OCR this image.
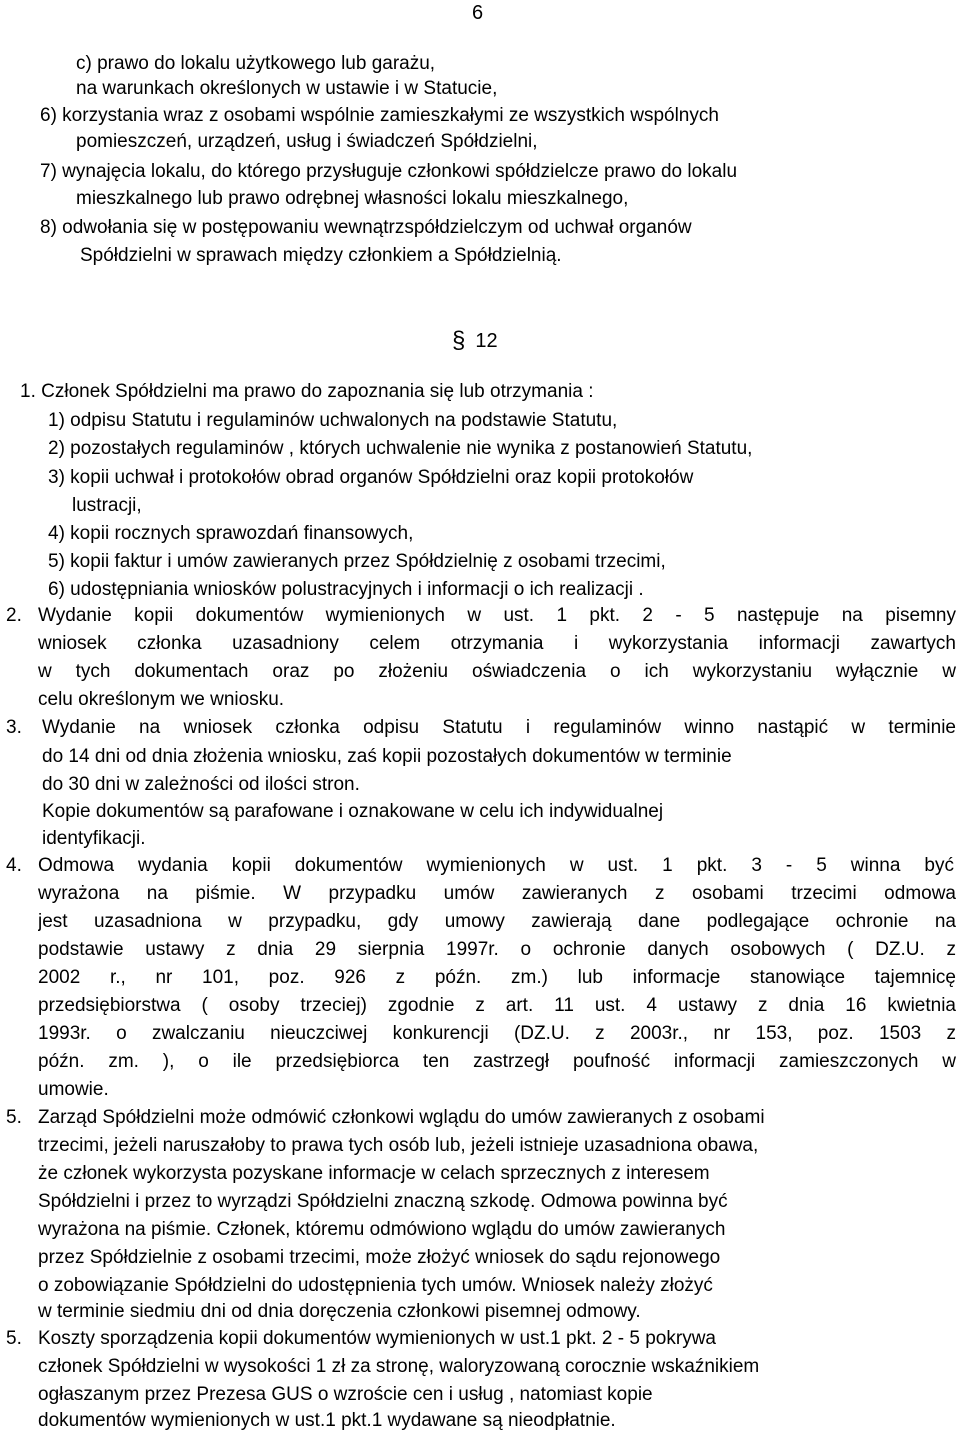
6
c) prawo do lokalu użytkowego lub garażu,
na warunkach określonych w ustawie i w Statucie,
6) korzystania wraz z osobami wspólnie zamieszkałymi ze wszystkich wspólnych
pomieszczeń, urządzeń, usług i świadczeń Spółdzielni,
7) wynajęcia lokalu, do którego przysługuje członkowi spółdzielcze prawo do lokalu
mieszkalnego lub prawo odrębnej własności lokalu mieszkalnego,
8) odwołania się w postępowaniu wewnątrzspółdzielczym od uchwał organów
Spółdzielni w sprawach między członkiem a Spółdzielnią.
§ 12
1. Członek Spółdzielni ma prawo do zapoznania się lub otrzymania :
1) odpisu Statutu i regulaminów uchwalonych na podstawie Statutu,
2) pozostałych regulaminów , których uchwalenie nie wynika z postanowień Statutu,
3) kopii uchwał i protokołów obrad organów Spółdzielni oraz kopii protokołów
lustracji,
4) kopii rocznych sprawozdań finansowych,
5) kopii faktur i umów zawieranych przez Spółdzielnię z osobami trzecimi,
6) udostępniania wniosków polustracyjnych i informacji o ich realizacji .
2. Wydanie kopii dokumentów wymienionych w ust. 1 pkt. 2 - 5 następuje na pisemny
wniosek członka uzasadniony celem otrzymania i wykorzystania informacji zawartych
w tych dokumentach oraz po złożeniu oświadczenia o ich wykorzystaniu wyłącznie w
celu określonym we wniosku.
3. Wydanie na wniosek członka odpisu Statutu i regulaminów winno nastąpić w terminie
do 14 dni od dnia złożenia wniosku, zaś kopii pozostałych dokumentów w terminie
do 30 dni w zależności od ilości stron.
Kopie dokumentów są parafowane i oznakowane w celu ich indywidualnej
identyfikacji.
4. Odmowa wydania kopii dokumentów wymienionych w ust. 1 pkt. 3 - 5 winna być
wyrażona na piśmie. W przypadku umów zawieranych z osobami trzecimi odmowa
jest uzasadniona w przypadku, gdy umowy zawierają dane podlegające ochronie na
podstawie ustawy z dnia 29 sierpnia 1997r. o ochronie danych osobowych ( DZ.U. z
2002 r., nr 101, poz. 926 z późn. zm.) lub informacje stanowiące tajemnicę
przedsiębiorstwa ( osoby trzeciej) zgodnie z art. 11 ust. 4 ustawy z dnia 16 kwietnia
1993r. o zwalczaniu nieuczciwej konkurencji (DZ.U. z 2003r., nr 153, poz. 1503 z
późn. zm. ), o ile przedsiębiorca ten zastrzegł poufność informacji zamieszczonych w
umowie.
5. Zarząd Spółdzielni może odmówić członkowi wglądu do umów zawieranych z osobami
trzecimi, jeżeli naruszałoby to prawa tych osób lub, jeżeli istnieje uzasadniona obawa,
że członek wykorzysta pozyskane informacje w celach sprzecznych z interesem
Spółdzielni i przez to wyrządzi Spółdzielni znaczną szkodę. Odmowa powinna być
wyrażona na piśmie. Członek, któremu odmówiono wglądu do umów zawieranych
przez Spółdzielnie z osobami trzecimi, może złożyć wniosek do sądu rejonowego
o zobowiązanie Spółdzielni do udostępnienia tych umów. Wniosek należy złożyć
w terminie siedmiu dni od dnia doręczenia członkowi pisemnej odmowy.
5. Koszty sporządzenia kopii dokumentów wymienionych w ust.1 pkt. 2 - 5 pokrywa
członek Spółdzielni w wysokości 1 zł za stronę, waloryzowaną corocznie wskaźnikiem
ogłaszanym przez Prezesa GUS o wzroście cen i usług , natomiast kopie
dokumentów wymienionych w ust.1 pkt.1 wydawane są nieodpłatnie.
